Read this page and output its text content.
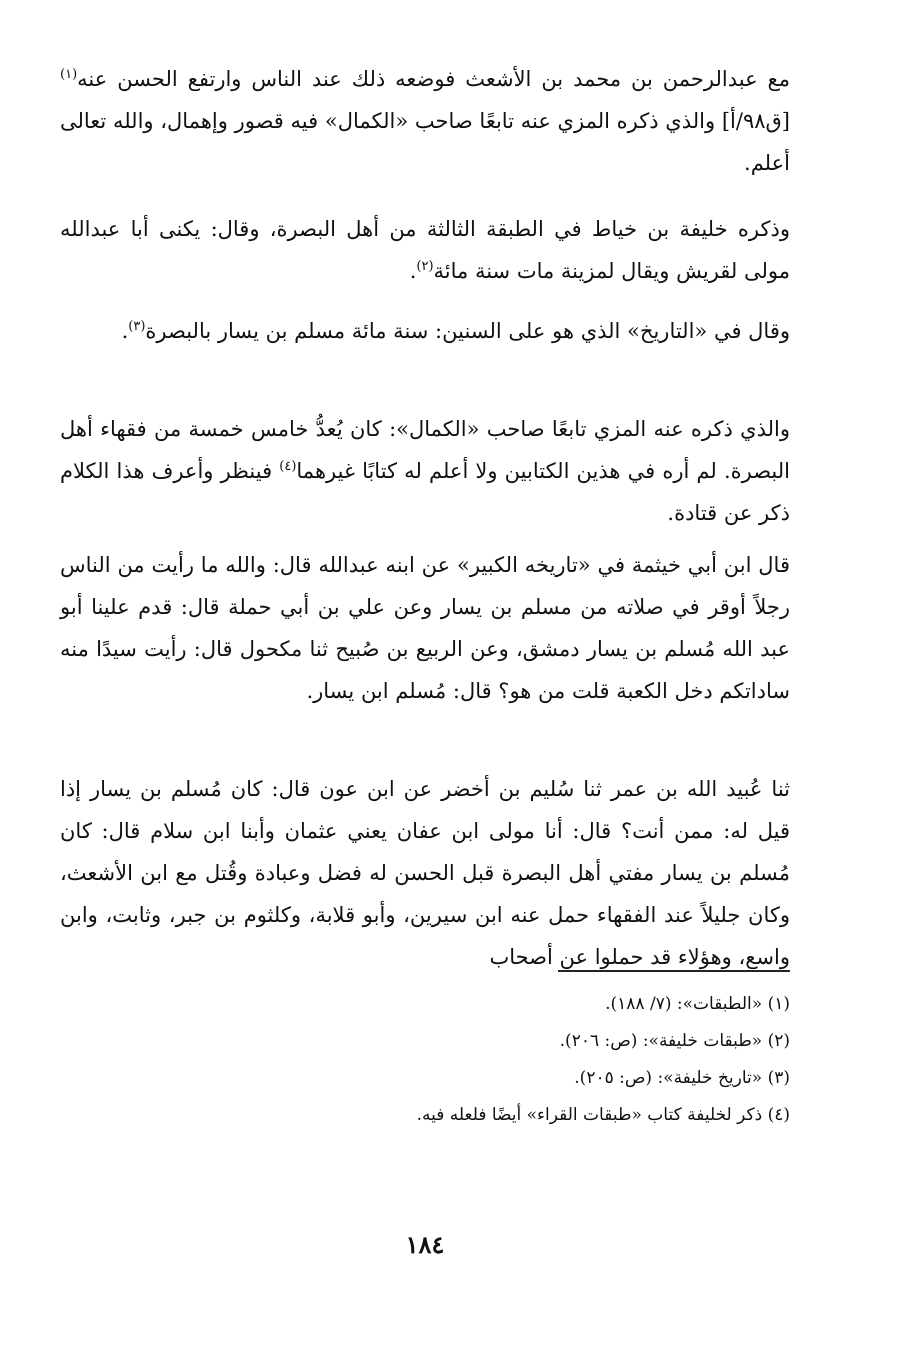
مع عبدالرحمن بن محمد بن الأشعث فوضعه ذلك عند الناس وارتفع الحسن عنه$^{(١)}$ [ق٩٨/أ] والذي ذكره المزي عنه تابعًا صاحب «الكمال» فيه قصور وإهمال، والله تعالى أعلم.

وذكره خليفة بن خياط في الطبقة الثالثة من أهل البصرة، وقال: يكنى أبا عبدالله مولى لقريش ويقال لمزينة مات سنة مائة$^{(٢)}$.

وقال في «التاريخ» الذي هو على السنين: سنة مائة مسلم بن يسار بالبصرة$^{(٣)}$.

والذي ذكره عنه المزي تابعًا صاحب «الكمال»: كان يُعدُّ خامس خمسة من فقهاء أهل البصرة. لم أره في هذين الكتابين ولا أعلم له كتابًا غيرهما$^{(٤)}$ فينظر وأعرف هذا الكلام ذكر عن قتادة.

قال ابن أبي خيثمة في «تاريخه الكبير» عن ابنه عبدالله قال: والله ما رأيت من الناس رجلاً أوقر في صلاته من مسلم بن يسار وعن علي بن أبي حملة قال: قدم علينا أبو عبد الله مُسلم بن يسار دمشق، وعن الربيع بن صُبيح ثنا مكحول قال: رأيت سيدًا منه ساداتكم دخل الكعبة قلت من هو؟ قال: مُسلم ابن يسار.

ثنا عُبيد الله بن عمر ثنا سُليم بن أخضر عن ابن عون قال: كان مُسلم بن يسار إذا قيل له: ممن أنت؟ قال: أنا مولى ابن عفان يعني عثمان وأبنا ابن سلام قال: كان مُسلم بن يسار مفتي أهل البصرة قبل الحسن له فضل وعبادة وقُتل مع ابن الأشعث، وكان جليلاً عند الفقهاء حمل عنه ابن سيرين، وأبو قلابة، وكلثوم بن جبر، وثابت، وابن واسع، وهؤلاء قد حملوا عن أصحاب

(١) «الطبقات»: (٧/ ١٨٨).
(٢) «طبقات خليفة»: (ص: ٢٠٦).
(٣) «تاريخ خليفة»: (ص: ٢٠٥).
(٤) ذكر لخليفة كتاب «طبقات القراء» أيضًا فلعله فيه.
١٨٤
